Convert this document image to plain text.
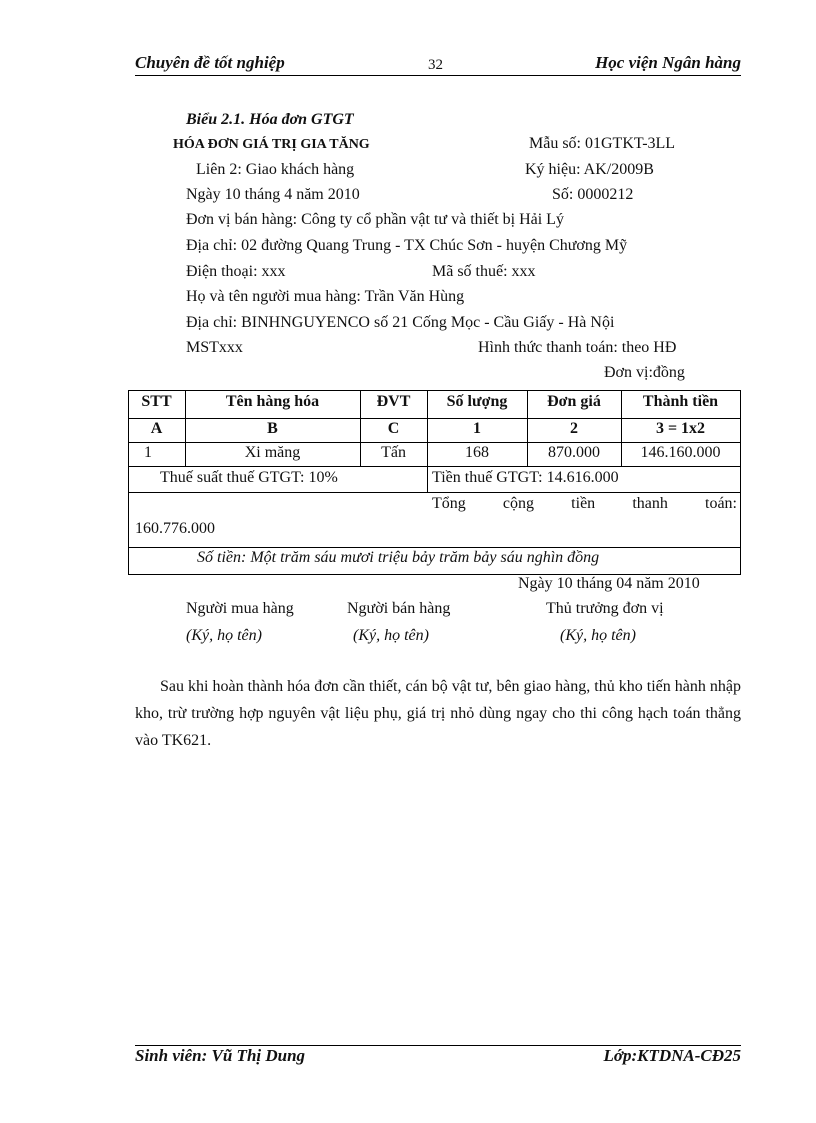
Chuyên đề tốt nghiệp	32	Học viện Ngân hàng
Biểu 2.1. Hóa đơn GTGT
HÓA ĐƠN GIÁ TRỊ GIA TĂNG	Mẫu số: 01GTKT-3LL
Liên 2: Giao khách hàng	Ký hiệu: AK/2009B
Ngày 10 tháng 4 năm 2010	Số: 0000212
Đơn vị bán hàng: Công ty cổ phần vật tư và thiết bị Hải Lý
Địa chỉ: 02 đường Quang Trung - TX Chúc Sơn - huyện Chương Mỹ
Điện thoại: xxx	Mã số thuế: xxx
Họ và tên người mua hàng: Trần Văn Hùng
Địa chỉ: BINHNGUYENCO số 21 Cống Mọc - Cầu Giấy - Hà Nội
MSTxxx	Hình thức thanh toán: theo HĐ
Đơn vị:đồng
STT	Tên hàng hóa	ĐVT	Số lượng	Đơn giá	Thành tiền
A	B	C	1	2	3 = 1x2
1	Xi măng	Tấn	168	870.000	146.160.000
Thuế suất thuế GTGT: 10%	Tiền thuế GTGT: 14.616.000
Tổng cộng tiền thanh toán:
160.776.000
Số tiền: Một trăm sáu mươi triệu bảy trăm bảy sáu nghìn đồng
Ngày 10 tháng 04 năm 2010
Người mua hàng	Người bán hàng	Thủ trưởng đơn vị
(Ký, họ tên)	(Ký, họ tên)	(Ký, họ tên)
Sau khi hoàn thành hóa đơn cần thiết, cán bộ vật tư, bên giao hàng, thủ kho tiến hành nhập kho, trừ trường hợp nguyên vật liệu phụ, giá trị nhỏ dùng ngay cho thi công hạch toán thẳng vào TK621.
Sinh viên: Vũ Thị Dung	Lớp:KTDNA-CĐ25
